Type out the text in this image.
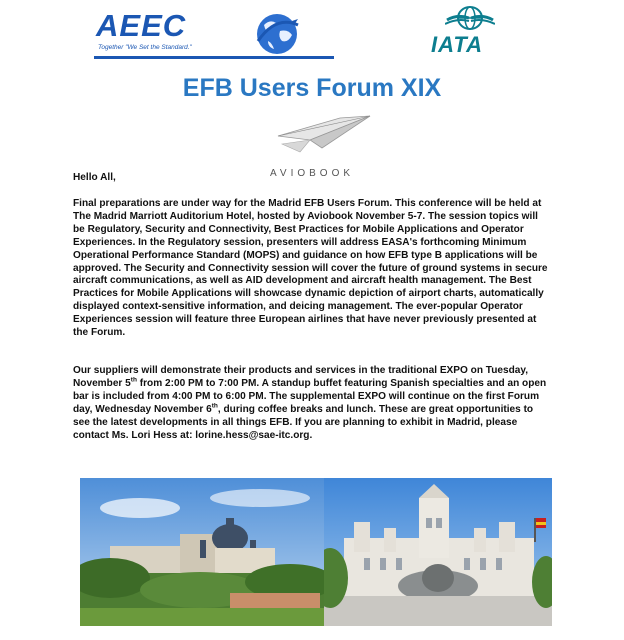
AEEC
Together "We Set the Standard."	IATA
EFB Users Forum XIX
AVIOBOOK

Hello All,

Final preparations are under way for the Madrid EFB Users Forum. This conference will be held at The Madrid Marriott Auditorium Hotel, hosted by Aviobook November 5-7. The session topics will be Regulatory, Security and Connectivity, Best Practices for Mobile Applications and Operator Experiences. In the Regulatory session, presenters will address EASA's forthcoming Minimum Operational Performance Standard (MOPS) and guidance on how EFB type B applications will be approved. The Security and Connectivity session will cover the future of ground systems in secure aircraft communications, as well as AID development and aircraft health management. The Best Practices for Mobile Applications will showcase dynamic depiction of airport charts, automatically displayed context-sensitive information, and deicing management. The ever-popular Operator Experiences session will feature three European airlines that have never previously presented at the Forum.

Our suppliers will demonstrate their products and services in the traditional EXPO on Tuesday, November 5th from 2:00 PM to 7:00 PM. A standup buffet featuring Spanish specialties and an open bar is included from 4:00 PM to 6:00 PM. The supplemental EXPO will continue on the first Forum day, Wednesday November 6th, during coffee breaks and lunch. These are great opportunities to see the latest developments in all things EFB. If you are planning to exhibit in Madrid, please contact Ms. Lori Hess at: lorine.hess@sae-itc.org.
